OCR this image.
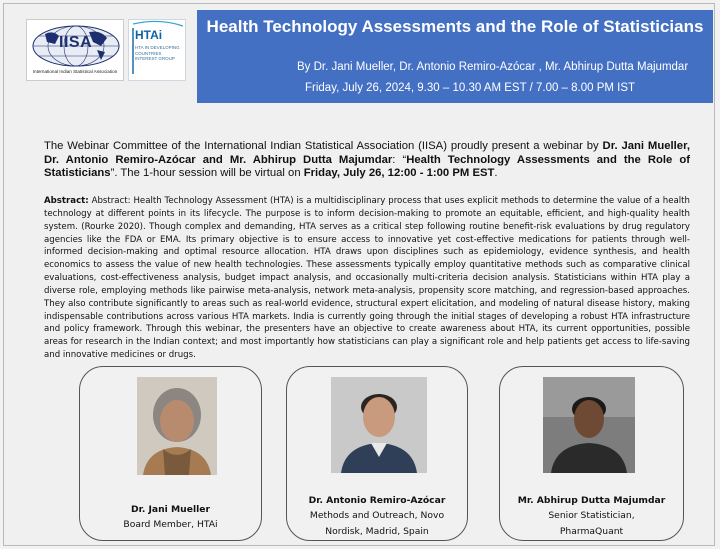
IISA
International Indian Statistical Association
HTAi
HTA IN DEVELOPING COUNTRIES INTEREST GROUP
Health Technology Assessments and the Role of Statisticians
By Dr. Jani Mueller, Dr. Antonio Remiro-Azócar , Mr. Abhirup Dutta Majumdar
Friday, July 26, 2024, 9.30 – 10.30 AM EST / 7.00 – 8.00 PM IST
The Webinar Committee of the International Indian Statistical Association (IISA) proudly present a webinar by Dr. Jani Mueller, Dr. Antonio Remiro-Azócar and Mr. Abhirup Dutta Majumdar: “Health Technology Assessments and the Role of Statisticians”. The 1-hour session will be virtual on Friday, July 26, 12:00 - 1:00 PM EST.
Abstract: Abstract: Health Technology Assessment (HTA) is a multidisciplinary process that uses explicit methods to determine the value of a health technology at different points in its lifecycle. The purpose is to inform decision-making to promote an equitable, efficient, and high-quality health system. (Rourke 2020). Though complex and demanding, HTA serves as a critical step following routine benefit-risk evaluations by drug regulatory agencies like the FDA or EMA. Its primary objective is to ensure access to innovative yet cost-effective medications for patients through well-informed decision-making and optimal resource allocation. HTA draws upon disciplines such as epidemiology, evidence synthesis, and health economics to assess the value of new health technologies. These assessments typically employ quantitative methods such as comparative clinical evaluations, cost-effectiveness analysis, budget impact analysis, and occasionally multi-criteria decision analysis. Statisticians within HTA play a diverse role, employing methods like pairwise meta-analysis, network meta-analysis, propensity score matching, and regression-based approaches. They also contribute significantly to areas such as real-world evidence, structural expert elicitation, and modeling of natural disease history, making indispensable contributions across various HTA markets. India is currently going through the initial stages of developing a robust HTA infrastructure and policy framework. Through this webinar, the presenters have an objective to create awareness about HTA, its current opportunities, possible areas for research in the Indian context; and most importantly how statisticians can play a significant role and help patients get access to life-saving and innovative medicines or drugs.
Dr. Jani Mueller
Board Member, HTAi
Dr. Antonio Remiro-Azócar
Methods and Outreach, Novo Nordisk, Madrid, Spain
Mr. Abhirup Dutta Majumdar
Senior Statistician, PharmaQuant
